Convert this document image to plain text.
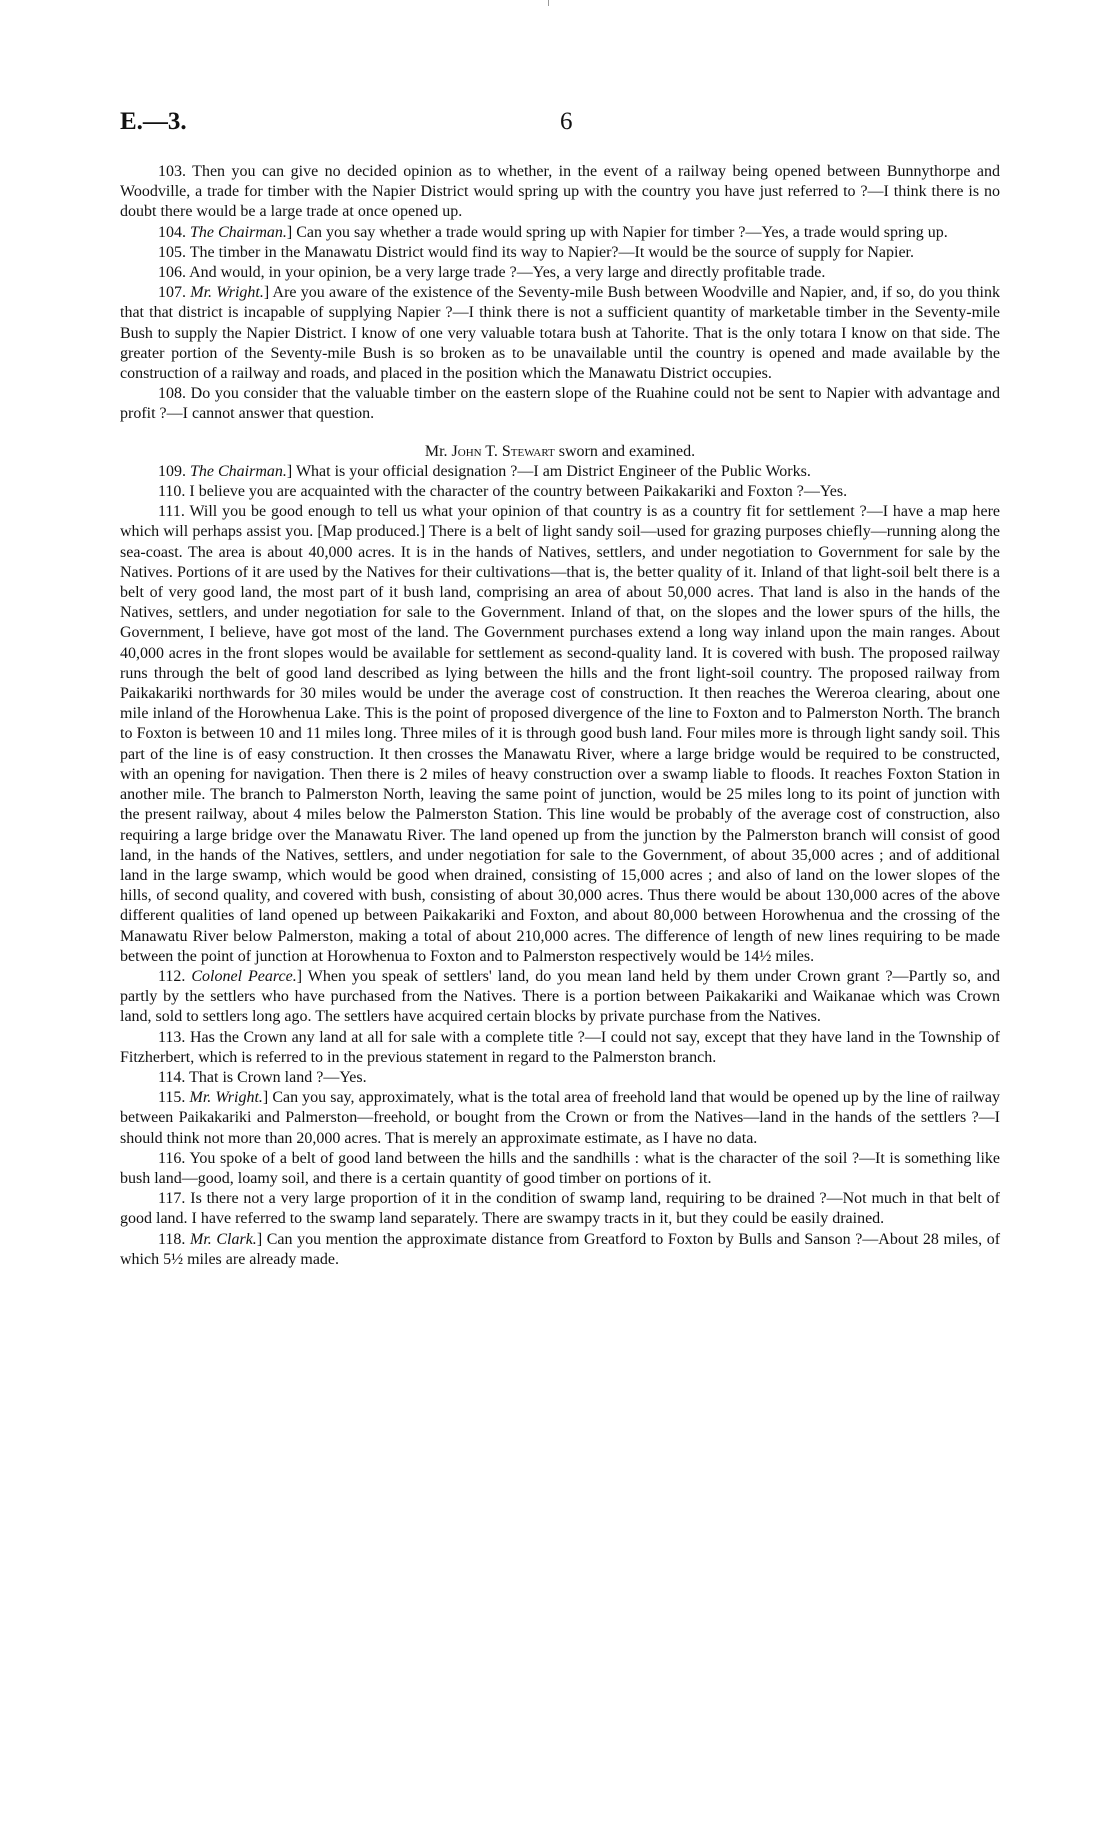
E.—3.	6

103. Then you can give no decided opinion as to whether, in the event of a railway being opened between Bunnythorpe and Woodville, a trade for timber with the Napier District would spring up with the country you have just referred to ?—I think there is no doubt there would be a large trade at once opened up.

104. The Chairman.] Can you say whether a trade would spring up with Napier for timber ?—Yes, a trade would spring up.

105. The timber in the Manawatu District would find its way to Napier?—It would be the source of supply for Napier.

106. And would, in your opinion, be a very large trade ?—Yes, a very large and directly profitable trade.

107. Mr. Wright.] Are you aware of the existence of the Seventy-mile Bush between Woodville and Napier, and, if so, do you think that that district is incapable of supplying Napier ?—I think there is not a sufficient quantity of marketable timber in the Seventy-mile Bush to supply the Napier District. I know of one very valuable totara bush at Tahorite. That is the only totara I know on that side. The greater portion of the Seventy-mile Bush is so broken as to be unavailable until the country is opened and made available by the construction of a railway and roads, and placed in the position which the Manawatu District occupies.

108. Do you consider that the valuable timber on the eastern slope of the Ruahine could not be sent to Napier with advantage and profit ?—I cannot answer that question.

Mr. John T. Stewart sworn and examined.

109. The Chairman.] What is your official designation ?—I am District Engineer of the Public Works.

110. I believe you are acquainted with the character of the country between Paikakariki and Foxton ?—Yes.

111. Will you be good enough to tell us what your opinion of that country is as a country fit for settlement ?—I have a map here which will perhaps assist you. [Map produced.] There is a belt of light sandy soil—used for grazing purposes chiefly—running along the sea-coast. The area is about 40,000 acres. It is in the hands of Natives, settlers, and under negotiation to Government for sale by the Natives. Portions of it are used by the Natives for their cultivations—that is, the better quality of it. Inland of that light-soil belt there is a belt of very good land, the most part of it bush land, comprising an area of about 50,000 acres. That land is also in the hands of the Natives, settlers, and under negotiation for sale to the Government. Inland of that, on the slopes and the lower spurs of the hills, the Government, I believe, have got most of the land. The Government purchases extend a long way inland upon the main ranges. About 40,000 acres in the front slopes would be available for settlement as second-quality land. It is covered with bush. The proposed railway runs through the belt of good land described as lying between the hills and the front light-soil country. The proposed railway from Paikakariki northwards for 30 miles would be under the average cost of construction. It then reaches the Wereroa clearing, about one mile inland of the Horowhenua Lake. This is the point of proposed divergence of the line to Foxton and to Palmerston North. The branch to Foxton is between 10 and 11 miles long. Three miles of it is through good bush land. Four miles more is through light sandy soil. This part of the line is of easy construction. It then crosses the Manawatu River, where a large bridge would be required to be constructed, with an opening for navigation. Then there is 2 miles of heavy construction over a swamp liable to floods. It reaches Foxton Station in another mile. The branch to Palmerston North, leaving the same point of junction, would be 25 miles long to its point of junction with the present railway, about 4 miles below the Palmerston Station. This line would be probably of the average cost of construction, also requiring a large bridge over the Manawatu River. The land opened up from the junction by the Palmerston branch will consist of good land, in the hands of the Natives, settlers, and under negotiation for sale to the Government, of about 35,000 acres ; and of additional land in the large swamp, which would be good when drained, consisting of 15,000 acres ; and also of land on the lower slopes of the hills, of second quality, and covered with bush, consisting of about 30,000 acres. Thus there would be about 130,000 acres of the above different qualities of land opened up between Paikakariki and Foxton, and about 80,000 between Horowhenua and the crossing of the Manawatu River below Palmerston, making a total of about 210,000 acres. The difference of length of new lines requiring to be made between the point of junction at Horowhenua to Foxton and to Palmerston respectively would be 14½ miles.

112. Colonel Pearce.] When you speak of settlers' land, do you mean land held by them under Crown grant ?—Partly so, and partly by the settlers who have purchased from the Natives. There is a portion between Paikakariki and Waikanae which was Crown land, sold to settlers long ago. The settlers have acquired certain blocks by private purchase from the Natives.

113. Has the Crown any land at all for sale with a complete title ?—I could not say, except that they have land in the Township of Fitzherbert, which is referred to in the previous statement in regard to the Palmerston branch.

114. That is Crown land ?—Yes.

115. Mr. Wright.] Can you say, approximately, what is the total area of freehold land that would be opened up by the line of railway between Paikakariki and Palmerston—freehold, or bought from the Crown or from the Natives—land in the hands of the settlers ?—I should think not more than 20,000 acres. That is merely an approximate estimate, as I have no data.

116. You spoke of a belt of good land between the hills and the sandhills : what is the character of the soil ?—It is something like bush land—good, loamy soil, and there is a certain quantity of good timber on portions of it.

117. Is there not a very large proportion of it in the condition of swamp land, requiring to be drained ?—Not much in that belt of good land. I have referred to the swamp land separately. There are swampy tracts in it, but they could be easily drained.

118. Mr. Clark.] Can you mention the approximate distance from Greatford to Foxton by Bulls and Sanson ?—About 28 miles, of which 5½ miles are already made.
